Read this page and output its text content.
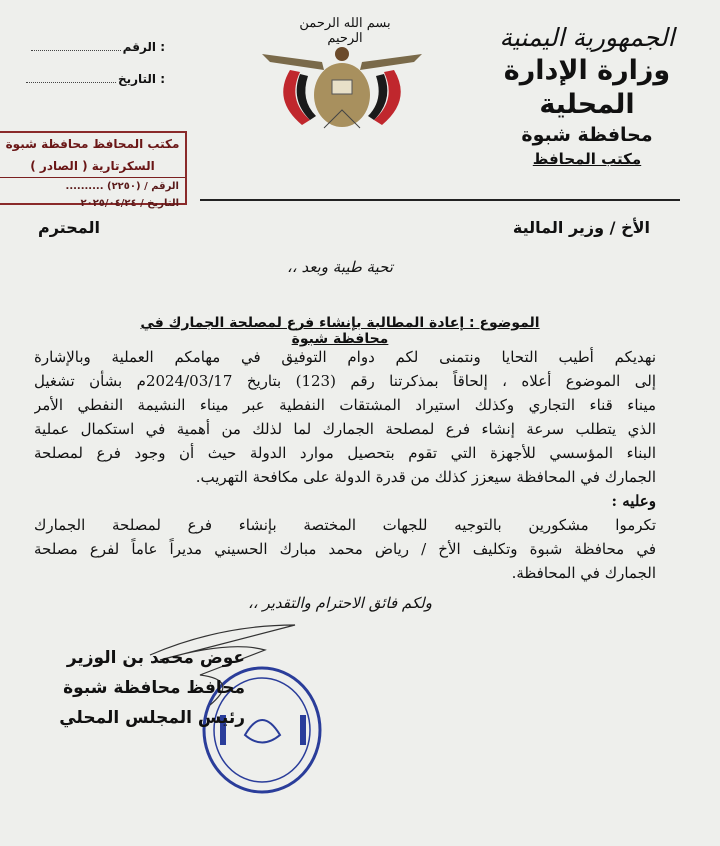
الجمهورية اليمنية
وزارة الإدارة المحلية
محافظة شبوة
مكتب المحافظ
بسم الله الرحمن الرحيم
: الرقم
: التاريخ
مكتب المحافظ محافظة شبوة
السكرتارية ( الصادر )
الرقم / (٢٢٥٠) ..........
التاريخ / ٢٠٢٥/٠٤/٢٤
الأخ / وزير المالية
المحترم
تحية طيبة وبعد ،،
الموضوع : إعادة المطالبة بإنشاء فرع لمصلحة الجمارك في محافظة شبوة
نهديكم أطيب التحايا ونتمنى لكم دوام التوفيق في مهامكم العملية وبالإشارة
إلى الموضوع أعلاه ، إلحاقاً بمذكرتنا رقم (123) بتاريخ 2024/03/17م بشأن تشغيل
ميناء قناء التجاري وكذلك استيراد المشتقات النفطية عبر ميناء النشيمة النفطي الأمر
الذي يتطلب سرعة إنشاء فرع لمصلحة الجمارك لما لذلك من أهمية في استكمال عملية
البناء المؤسسي للأجهزة التي تقوم بتحصيل موارد الدولة حيث أن وجود فرع لمصلحة
الجمارك في المحافظة سيعزز كذلك من قدرة الدولة على مكافحة التهريب.
وعليه :
تكرموا مشكورين بالتوجيه للجهات المختصة بإنشاء فرع لمصلحة الجمارك
في محافظة شبوة وتكليف الأخ / رياض محمد مبارك الحسيني مديراً عاماً لفرع مصلحة
الجمارك في المحافظة.
ولكم فائق الاحترام والتقدير ،،
عوض محمد بن الوزير
محافظ محافظة شبوة
رئيس المجلس المحلي
